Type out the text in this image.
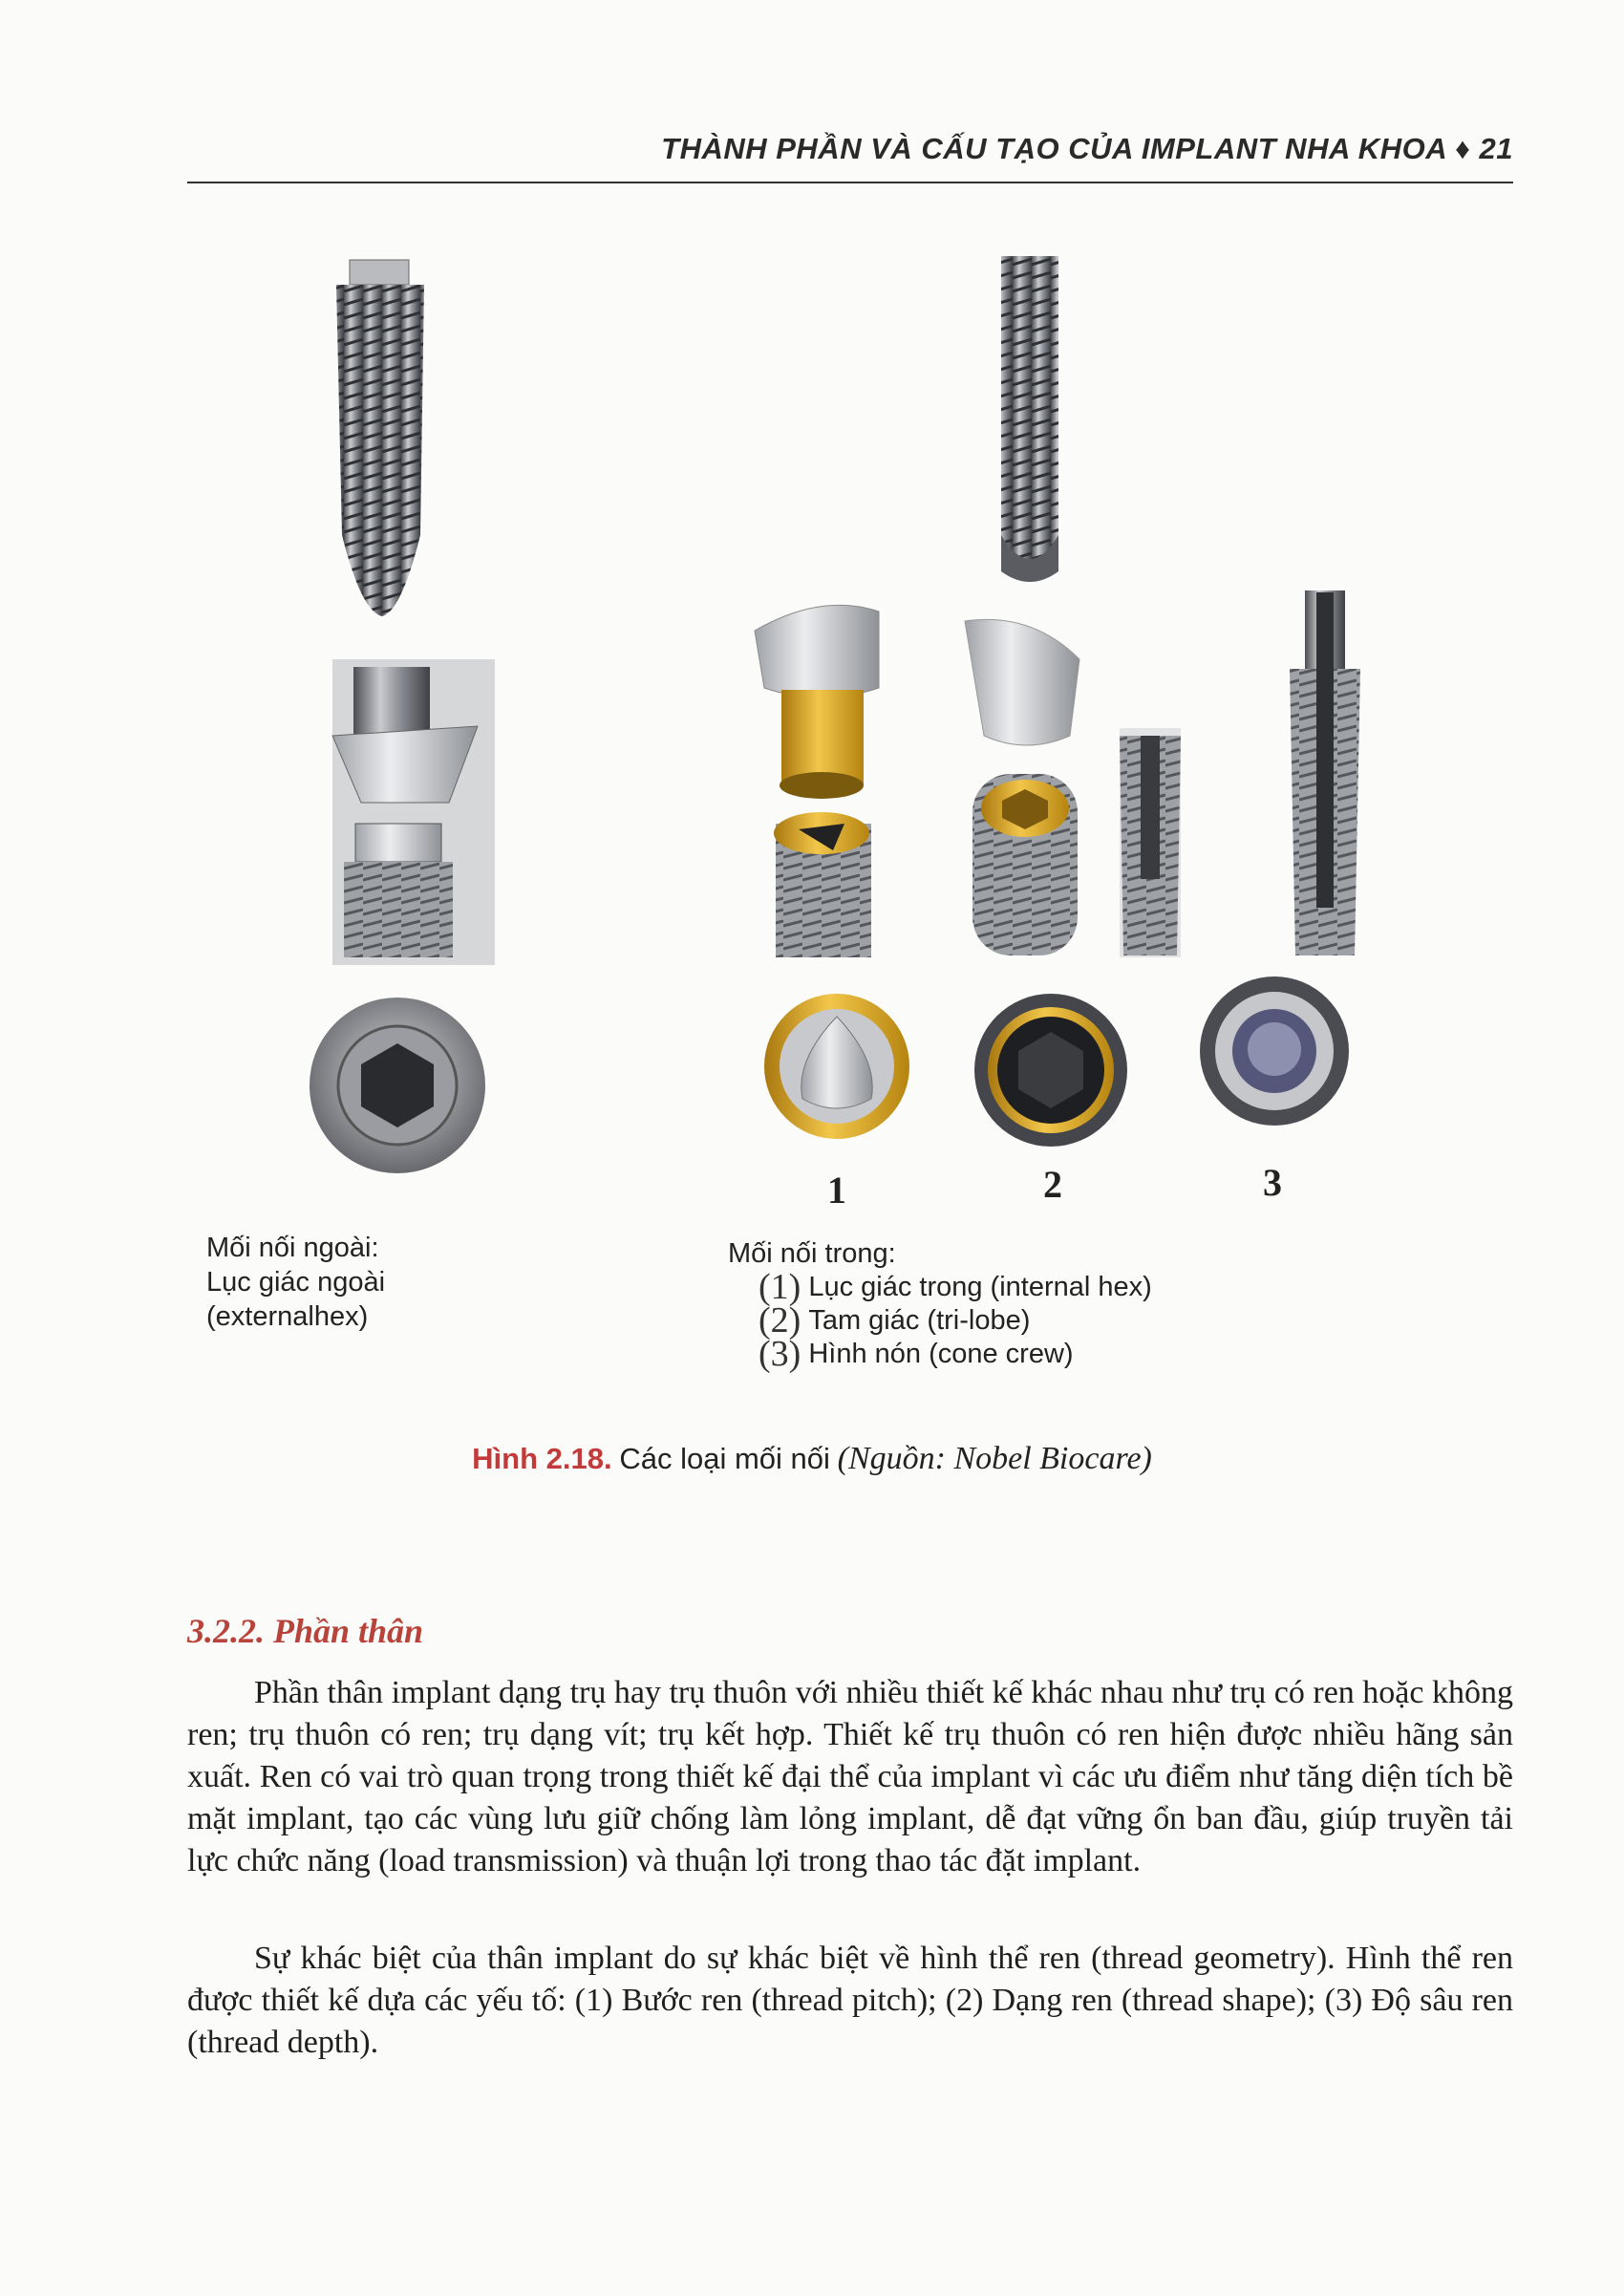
THÀNH PHẦN VÀ CẤU TẠO CỦA IMPLANT NHA KHOA ♦ 21
1	2	3
Mối nối ngoài:
Lục giác ngoài
(externalhex)
Mối nối trong:
(1) Lục giác trong (internal hex)
(2) Tam giác (tri-lobe)
(3) Hình nón (cone crew)
Hình 2.18. Các loại mối nối (Nguồn: Nobel Biocare)
3.2.2. Phần thân
Phần thân implant dạng trụ hay trụ thuôn với nhiều thiết kế khác nhau như trụ có ren hoặc không ren; trụ thuôn có ren; trụ dạng vít; trụ kết hợp. Thiết kế trụ thuôn có ren hiện được nhiều hãng sản xuất. Ren có vai trò quan trọng trong thiết kế đại thể của implant vì các ưu điểm như tăng diện tích bề mặt implant, tạo các vùng lưu giữ chống làm lỏng implant, dễ đạt vững ổn ban đầu, giúp truyền tải lực chức năng (load transmission) và thuận lợi trong thao tác đặt implant.
Sự khác biệt của thân implant do sự khác biệt về hình thể ren (thread geometry). Hình thể ren được thiết kế dựa các yếu tố: (1) Bước ren (thread pitch); (2) Dạng ren (thread shape); (3) Độ sâu ren (thread depth).
